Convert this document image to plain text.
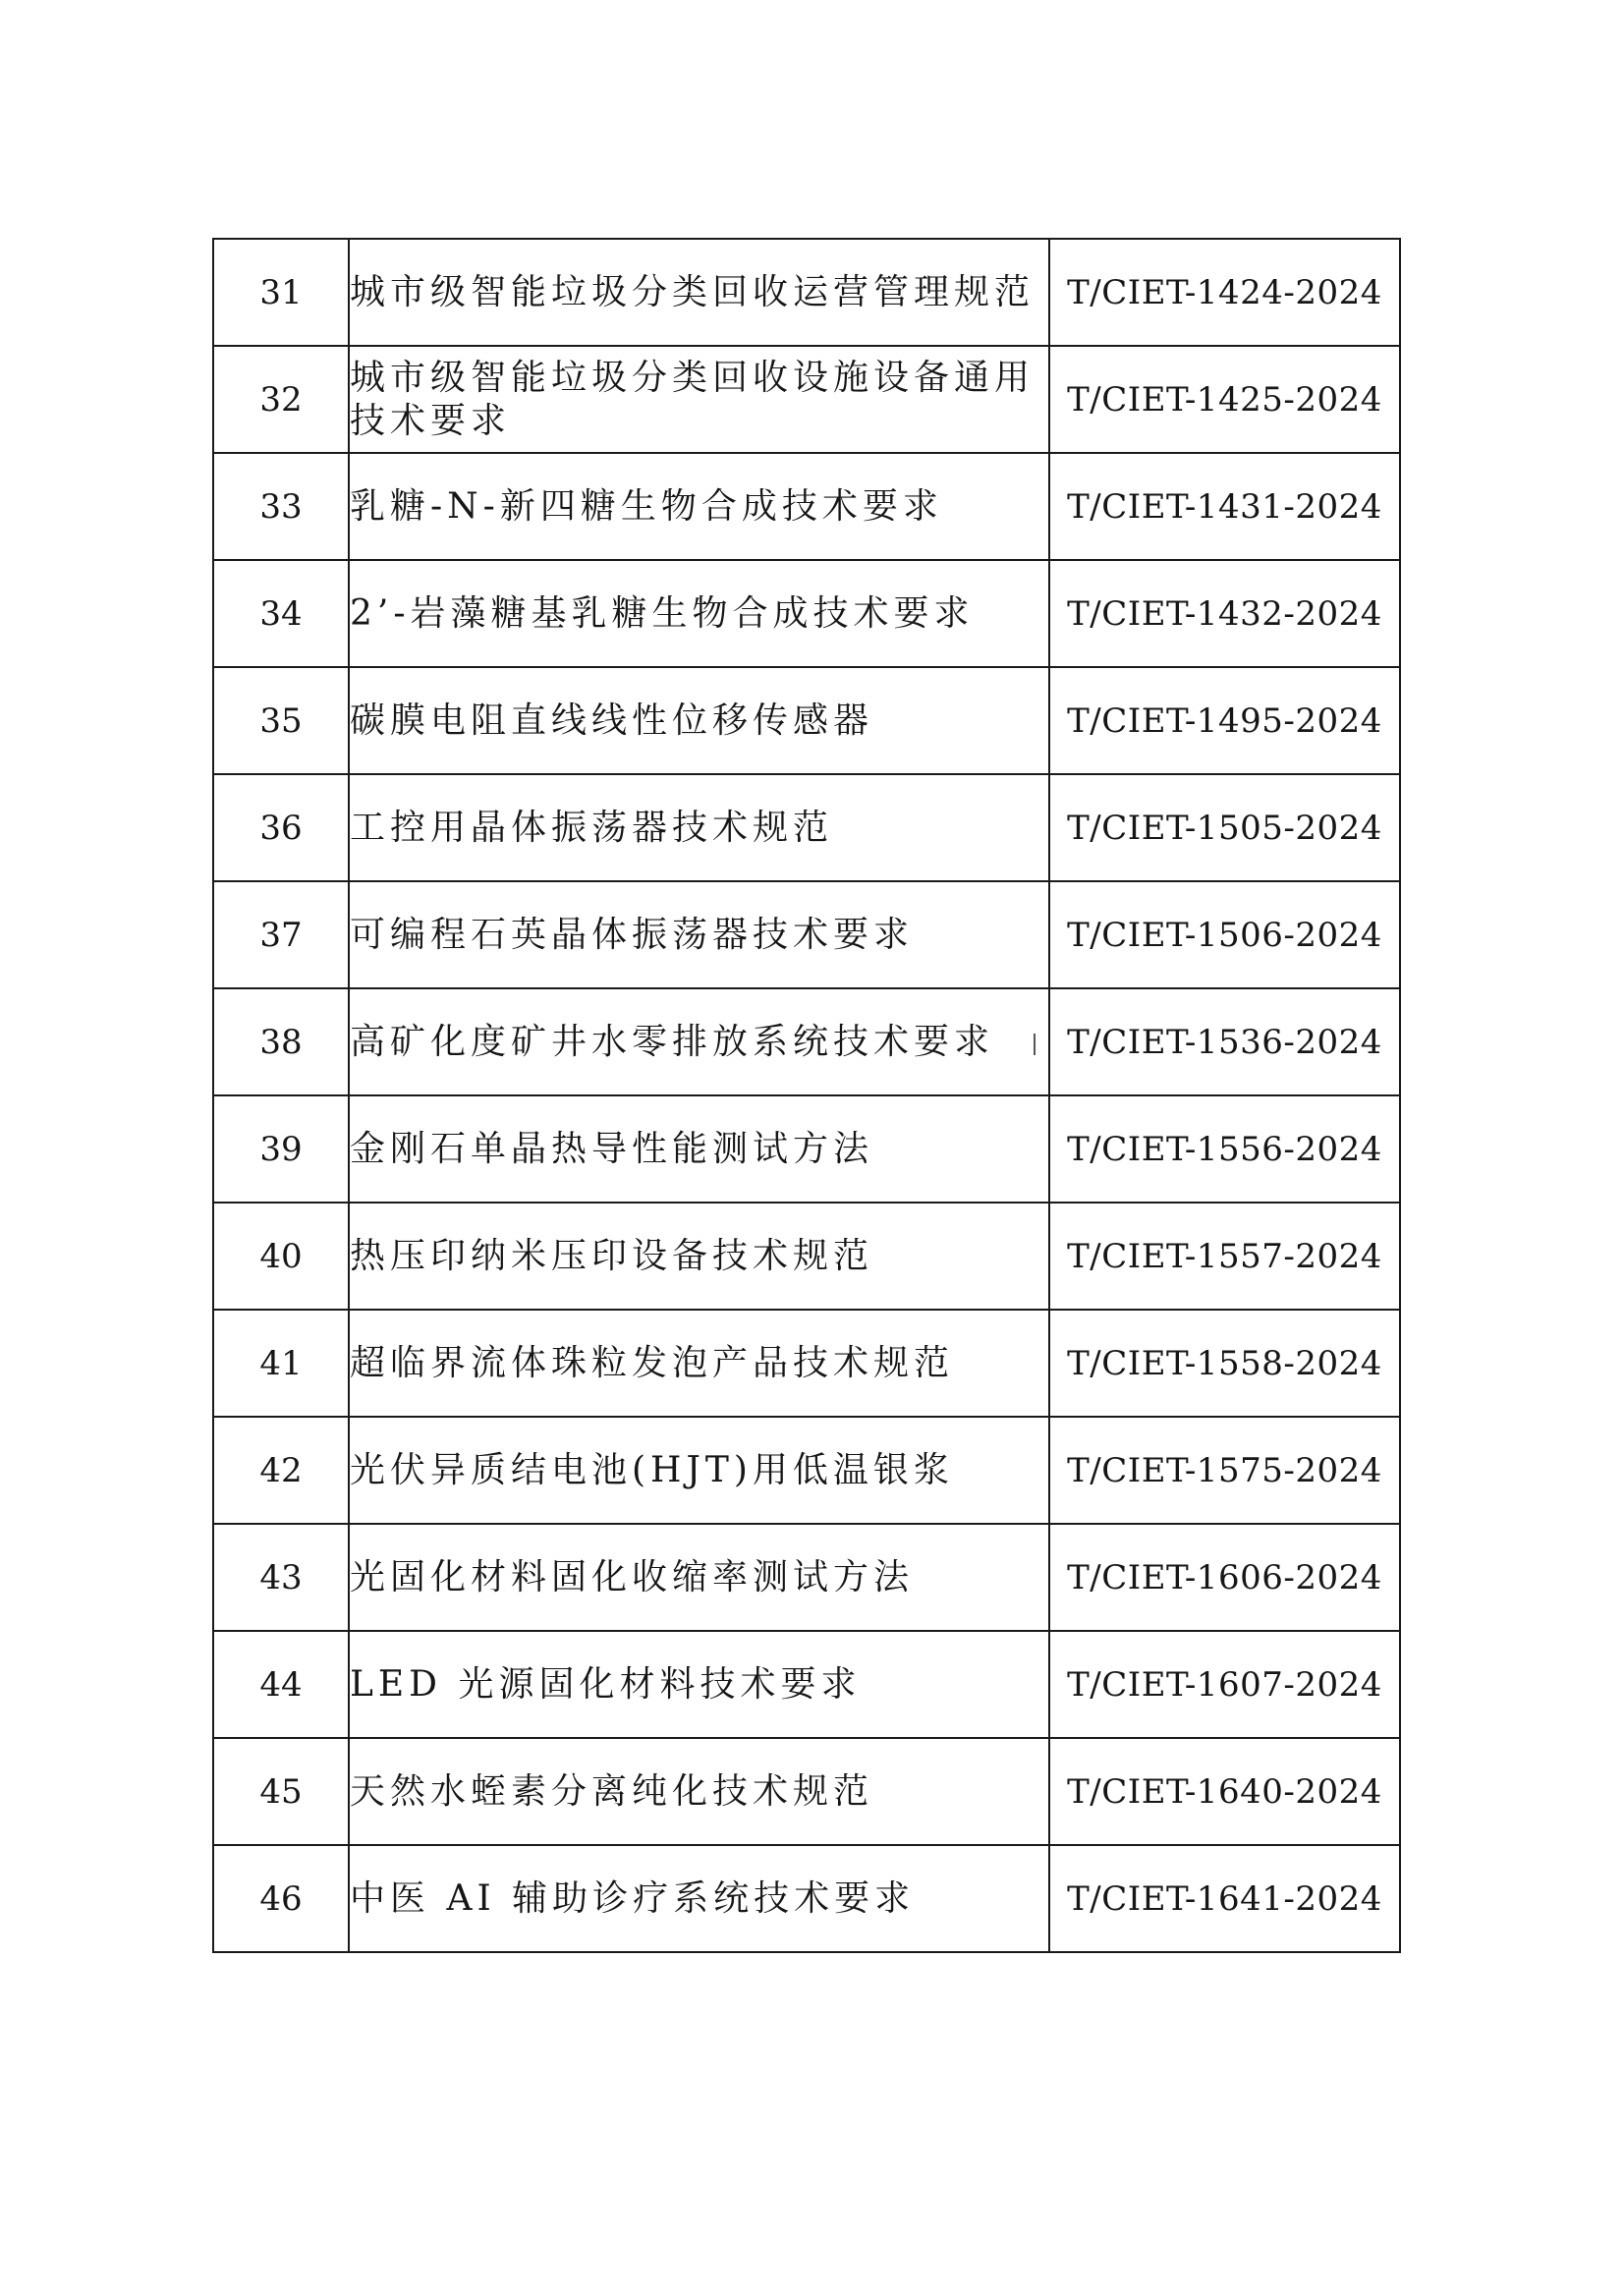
31	城市级智能垃圾分类回收运营管理规范	T/CIET-1424-2024
32	城市级智能垃圾分类回收设施设备通用技术要求	T/CIET-1425-2024
33	乳糖-N-新四糖生物合成技术要求	T/CIET-1431-2024
34	2’-岩藻糖基乳糖生物合成技术要求	T/CIET-1432-2024
35	碳膜电阻直线线性位移传感器	T/CIET-1495-2024
36	工控用晶体振荡器技术规范	T/CIET-1505-2024
37	可编程石英晶体振荡器技术要求	T/CIET-1506-2024
38	高矿化度矿井水零排放系统技术要求	T/CIET-1536-2024
39	金刚石单晶热导性能测试方法	T/CIET-1556-2024
40	热压印纳米压印设备技术规范	T/CIET-1557-2024
41	超临界流体珠粒发泡产品技术规范	T/CIET-1558-2024
42	光伏异质结电池(HJT)用低温银浆	T/CIET-1575-2024
43	光固化材料固化收缩率测试方法	T/CIET-1606-2024
44	LED 光源固化材料技术要求	T/CIET-1607-2024
45	天然水蛭素分离纯化技术规范	T/CIET-1640-2024
46	中医 AI 辅助诊疗系统技术要求	T/CIET-1641-2024
